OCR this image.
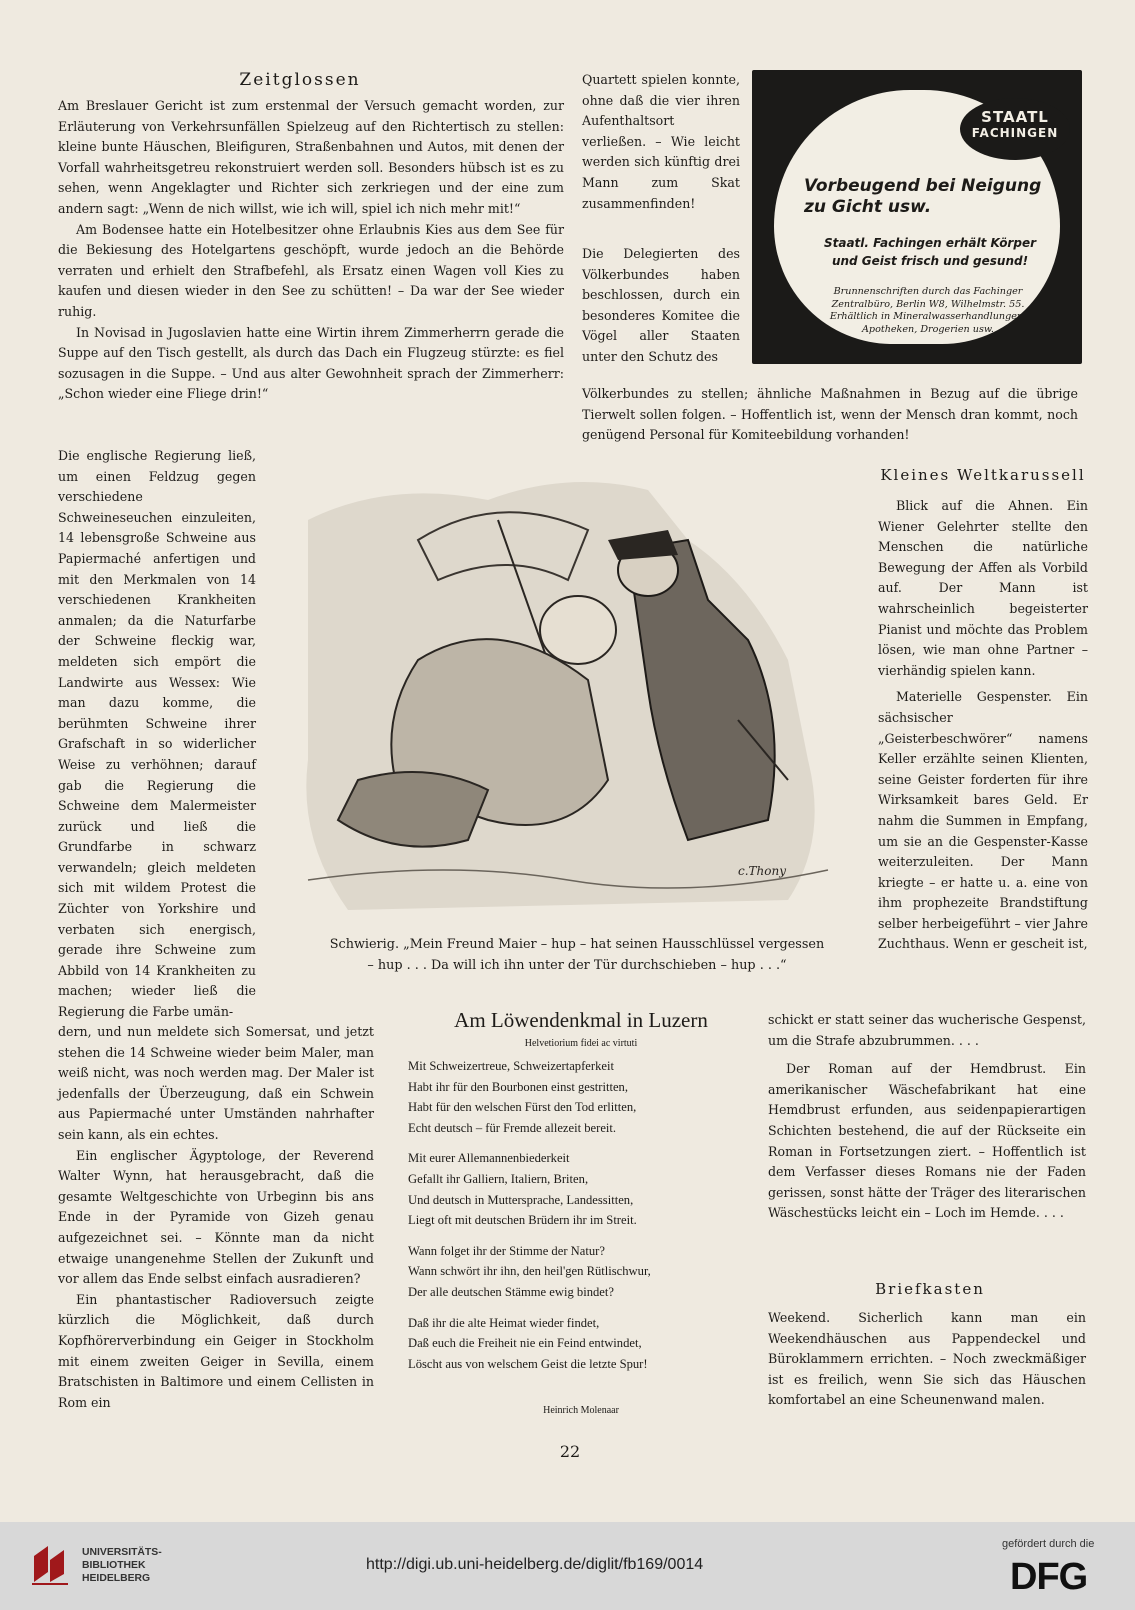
Zeitglossen

Am Breslauer Gericht ist zum erstenmal der Versuch gemacht worden, zur Erläuterung von Verkehrsunfällen Spielzeug auf den Richtertisch zu stellen: kleine bunte Häuschen, Bleifiguren, Straßenbahnen und Autos, mit denen der Vorfall wahrheitsgetreu rekonstruiert werden soll. Besonders hübsch ist es zu sehen, wenn Angeklagter und Richter sich zerkriegen und der eine zum andern sagt: „Wenn de nich willst, wie ich will, spiel ich nich mehr mit!“

Am Bodensee hatte ein Hotelbesitzer ohne Erlaubnis Kies aus dem See für die Bekiesung des Hotelgartens geschöpft, wurde jedoch an die Behörde verraten und erhielt den Strafbefehl, als Ersatz einen Wagen voll Kies zu kaufen und diesen wieder in den See zu schütten! – Da war der See wieder ruhig.

In Novisad in Jugoslavien hatte eine Wirtin ihrem Zimmerherrn gerade die Suppe auf den Tisch gestellt, als durch das Dach ein Flugzeug stürzte: es fiel sozusagen in die Suppe. – Und aus alter Gewohnheit sprach der Zimmerherr: „Schon wieder eine Fliege drin!“

Quartett spielen konnte, ohne daß die vier ihren Aufenthaltsort verließen. – Wie leicht werden sich künftig drei Mann zum Skat zusammenfinden!
Die Delegierten des Völkerbundes haben beschlossen, durch ein besonderes Komitee die Vögel aller Staaten unter den Schutz des
Völkerbundes zu stellen; ähnliche Maßnahmen in Bezug auf die übrige Tierwelt sollen folgen. – Hoffentlich ist, wenn der Mensch dran kommt, noch genügend Personal für Komiteebildung vorhanden!
STAATL
FACHINGEN
Vorbeugend bei Neigung zu Gicht usw.
Staatl. Fachingen erhält Körper und Geist frisch und gesund!
Brunnenschriften durch das Fachinger Zentralbüro, Berlin W8, Wilhelmstr. 55.
Erhältlich in Mineralwasserhandlungen, Apotheken, Drogerien usw.
Die englische Regierung ließ, um einen Feldzug gegen verschiedene Schweineseuchen einzuleiten, 14 lebensgroße Schweine aus Papiermaché anfertigen und mit den Merkmalen von 14 verschiedenen Krankheiten anmalen; da die Naturfarbe der Schweine fleckig war, meldeten sich empört die Landwirte aus Wessex: Wie man dazu komme, die berühmten Schweine ihrer Grafschaft in so widerlicher Weise zu verhöhnen; darauf gab die Regierung die Schweine dem Malermeister zurück und ließ die Grundfarbe in schwarz verwandeln; gleich meldeten sich mit wildem Protest die Züchter von Yorkshire und verbaten sich energisch, gerade ihre Schweine zum Abbild von 14 Krankheiten zu machen; wieder ließ die Regierung die Farbe umän-

dern, und nun meldete sich Somersat, und jetzt stehen die 14 Schweine wieder beim Maler, man weiß nicht, was noch werden mag. Der Maler ist jedenfalls der Überzeugung, daß ein Schwein aus Papiermaché unter Umständen nahrhafter sein kann, als ein echtes.

Ein englischer Ägyptologe, der Reverend Walter Wynn, hat herausgebracht, daß die gesamte Weltgeschichte von Urbeginn bis ans Ende in der Pyramide von Gizeh genau aufgezeichnet sei. – Könnte man da nicht etwaige unangenehme Stellen der Zukunft und vor allem das Ende selbst einfach ausradieren?

Ein phantastischer Radioversuch zeigte kürzlich die Möglichkeit, daß durch Kopfhörerverbindung ein Geiger in Stockholm mit einem zweiten Geiger in Sevilla, einem Bratschisten in Baltimore und einem Cellisten in Rom ein

c.Thony
Schwierig. „Mein Freund Maier – hup – hat seinen Hausschlüssel vergessen
– hup . . . Da will ich ihn unter der Tür durchschieben – hup . . .“
Kleines Weltkarussell

Blick auf die Ahnen. Ein Wiener Gelehrter stellte den Menschen die natürliche Bewegung der Affen als Vorbild auf. Der Mann ist wahrscheinlich begeisterter Pianist und möchte das Problem lösen, wie man ohne Partner – vierhändig spielen kann.

Materielle Gespenster. Ein sächsischer „Geisterbeschwörer“ namens Keller erzählte seinen Klienten, seine Geister forderten für ihre Wirksamkeit bares Geld. Er nahm die Summen in Empfang, um sie an die Gespenster-Kasse weiterzuleiten. Der Mann kriegte – er hatte u. a. eine von ihm prophezeite Brandstiftung selber herbeigeführt – vier Jahre Zuchthaus. Wenn er gescheit ist,

schickt er statt seiner das wucherische Gespenst, um die Strafe abzubrummen. . . .

Der Roman auf der Hemdbrust. Ein amerikanischer Wäschefabrikant hat eine Hemdbrust erfunden, aus seidenpapierartigen Schichten bestehend, die auf der Rückseite ein Roman in Fortsetzungen ziert. – Hoffentlich ist dem Verfasser dieses Romans nie der Faden gerissen, sonst hätte der Träger des literarischen Wäschestücks leicht ein – Loch im Hemde. . . .

Briefkasten
Weekend. Sicherlich kann man ein Weekendhäuschen aus Pappendeckel und Büroklammern errichten. – Noch zweckmäßiger ist es freilich, wenn Sie sich das Häuschen komfortabel an eine Scheunenwand malen.
Am Löwendenkmal in Luzern
Helvetiorium fidei ac virtuti
Mit Schweizertreue, Schweizertapferkeit
Habt ihr für den Bourbonen einst gestritten,
Habt für den welschen Fürst den Tod erlitten,
Echt deutsch – für Fremde allezeit bereit.
Mit eurer Allemannenbiederkeit
Gefallt ihr Galliern, Italiern, Briten,
Und deutsch in Muttersprache, Landessitten,
Liegt oft mit deutschen Brüdern ihr im Streit.
Wann folget ihr der Stimme der Natur?
Wann schwört ihr ihn, den heil'gen Rütlischwur,
Der alle deutschen Stämme ewig bindet?
Daß ihr die alte Heimat wieder findet,
Daß euch die Freiheit nie ein Feind entwindet,
Löscht aus von welschem Geist die letzte Spur!
Heinrich Molenaar
22
UNIVERSITÄTS-
BIBLIOTHEK
HEIDELBERG
http://digi.ub.uni-heidelberg.de/diglit/fb169/0014
gefördert durch die
DFG
